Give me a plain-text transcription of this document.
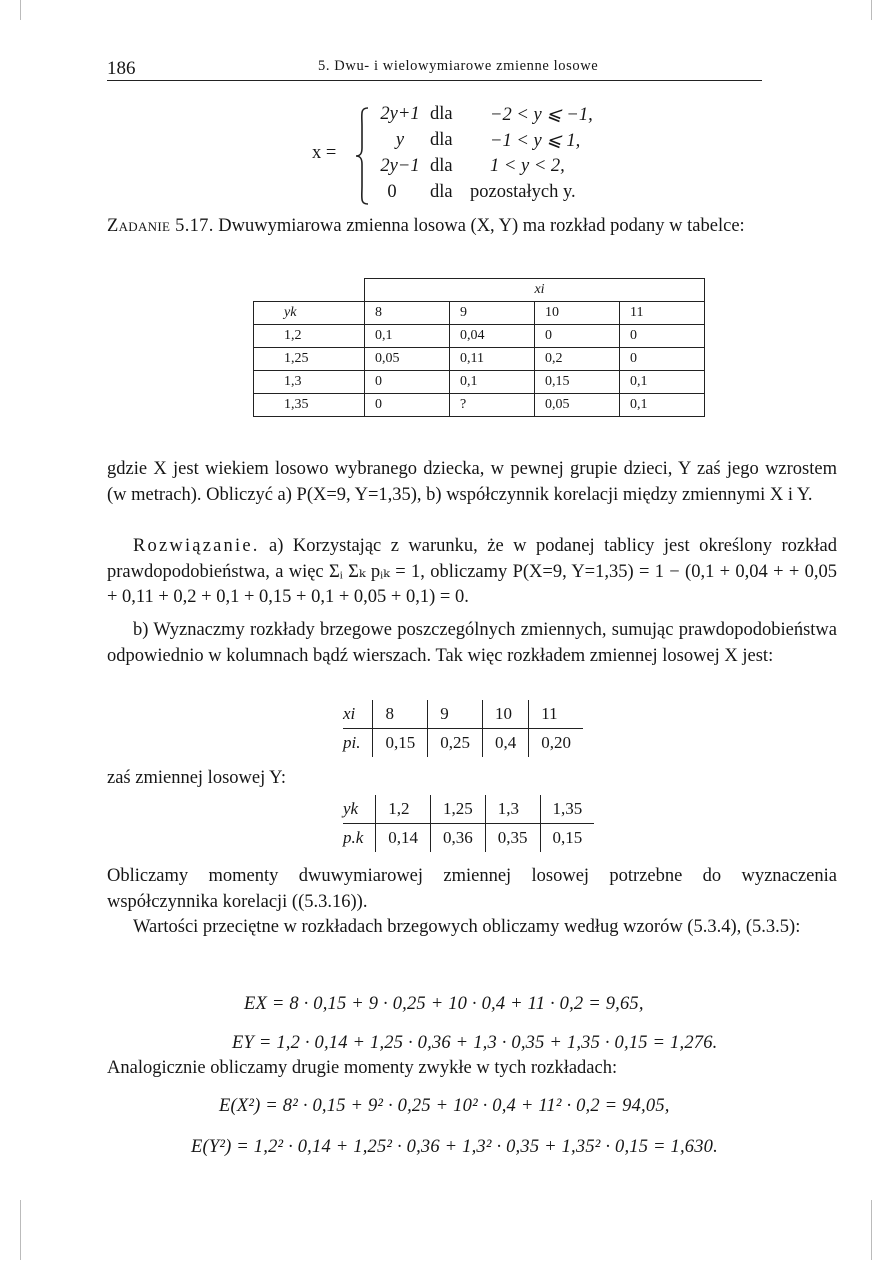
186	5. Dwu- i wielowymiarowe zmienne losowe
x =
2y+1 dla −2 < y ⩽ −1,
y	dla −1 < y ⩽ 1,
2y−1 dla 1 < y < 2,
0	dla pozostałych y.
Zadanie 5.17. Dwuwymiarowa zmienna losowa (X, Y) ma rozkład podany w tabelce:
	xi			
yk	8	9	10	11
1,2	0,1	0,04	0	0
1,25	0,05	0,11	0,2	0
1,3	0	0,1	0,15	0,1
1,35	0	?	0,05	0,1
gdzie X jest wiekiem losowo wybranego dziecka, w pewnej grupie dzieci, Y zaś jego wzrostem (w metrach). Obliczyć a) P(X=9, Y=1,35), b) współczynnik korelacji między zmiennymi X i Y.
Rozwiązanie. a) Korzystając z warunku, że w podanej tablicy jest określony rozkład prawdopodobieństwa, a więc Σᵢ Σₖ pᵢₖ = 1, obliczamy P(X=9, Y=1,35) = 1 − (0,1 + 0,04 + + 0,05 + 0,11 + 0,2 + 0,1 + 0,15 + 0,1 + 0,05 + 0,1) = 0.
b) Wyznaczmy rozkłady brzegowe poszczególnych zmiennych, sumując prawdopodobieństwa odpowiednio w kolumnach bądź wierszach. Tak więc rozkładem zmiennej losowej X jest:
xi	8	9	10	11
pi.	0,15	0,25	0,4	0,20
zaś zmiennej losowej Y:
yk	1,2	1,25	1,3	1,35
p.k	0,14	0,36	0,35	0,15
Obliczamy momenty dwuwymiarowej zmiennej losowej potrzebne do wyznaczenia współczynnika korelacji ((5.3.16)).
Wartości przeciętne w rozkładach brzegowych obliczamy według wzorów (5.3.4), (5.3.5):
EX = 8 · 0,15 + 9 · 0,25 + 10 · 0,4 + 11 · 0,2 = 9,65,
EY = 1,2 · 0,14 + 1,25 · 0,36 + 1,3 · 0,35 + 1,35 · 0,15 = 1,276.
Analogicznie obliczamy drugie momenty zwykłe w tych rozkładach:
E(X²) = 8² · 0,15 + 9² · 0,25 + 10² · 0,4 + 11² · 0,2 = 94,05,
E(Y²) = 1,2² · 0,14 + 1,25² · 0,36 + 1,3² · 0,35 + 1,35² · 0,15 = 1,630.
